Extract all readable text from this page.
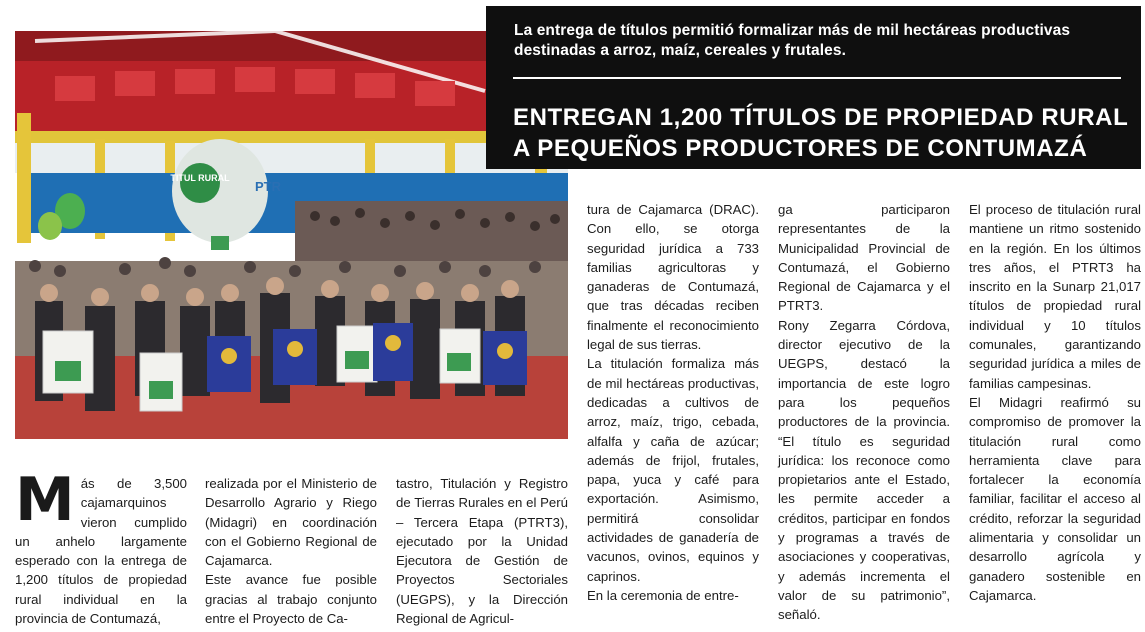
TITUL RURAL
PTR
La entrega de títulos permitió formalizar más de mil hectáreas productivas destinadas a arroz, maíz, cereales y frutales.
ENTREGAN 1,200 TÍTULOS DE PROPIEDAD RURAL
A PEQUEÑOS PRODUCTORES DE CONTUMAZÁ
M ás de 3,500 cajamarquinos vieron cumplido un anhelo largamente esperado con la entrega de 1,200 títulos de propiedad rural individual en la provincia de Contumazá,

realizada por el Ministerio de Desarrollo Agrario y Riego (Midagri) en coordinación con el Gobierno Regional de Cajamarca.

Este avance fue posible gracias al trabajo conjunto entre el Proyecto de Ca-

tastro, Titulación y Registro de Tierras Rurales en el Perú – Tercera Etapa (PTRT3), ejecutado por la Unidad Ejecutora de Gestión de Proyectos Sectoriales (UEGPS), y la Dirección Regional de Agricul-

tura de Cajamarca (DRAC). Con ello, se otorga seguridad jurídica a 733 familias agricultoras y ganaderas de Contumazá, que tras décadas reciben finalmente el reconocimiento legal de sus tierras.

La titulación formaliza más de mil hectáreas productivas, dedicadas a cultivos de arroz, maíz, trigo, cebada, alfalfa y caña de azúcar; además de frijol, frutales, papa, yuca y café para exportación. Asimismo, permitirá consolidar actividades de ganadería de vacunos, ovinos, equinos y caprinos.

En la ceremonia de entre-

ga participaron representantes de la Municipalidad Provincial de Contumazá, el Gobierno Regional de Cajamarca y el PTRT3.

Rony Zegarra Córdova, director ejecutivo de la UEGPS, destacó la importancia de este logro para los pequeños productores de la provincia. “El título es seguridad jurídica: los reconoce como propietarios ante el Estado, les permite acceder a créditos, participar en fondos y programas a través de asociaciones y cooperativas, y además incrementa el valor de su patrimonio”, señaló.

El proceso de titulación rural mantiene un ritmo sostenido en la región. En los últimos tres años, el PTRT3 ha inscrito en la Sunarp 21,017 títulos de propiedad rural individual y 10 títulos comunales, garantizando seguridad jurídica a miles de familias campesinas.

El Midagri reafirmó su compromiso de promover la titulación rural como herramienta clave para fortalecer la economía familiar, facilitar el acceso al crédito, reforzar la seguridad alimentaria y consolidar un desarrollo agrícola y ganadero sostenible en Cajamarca.
